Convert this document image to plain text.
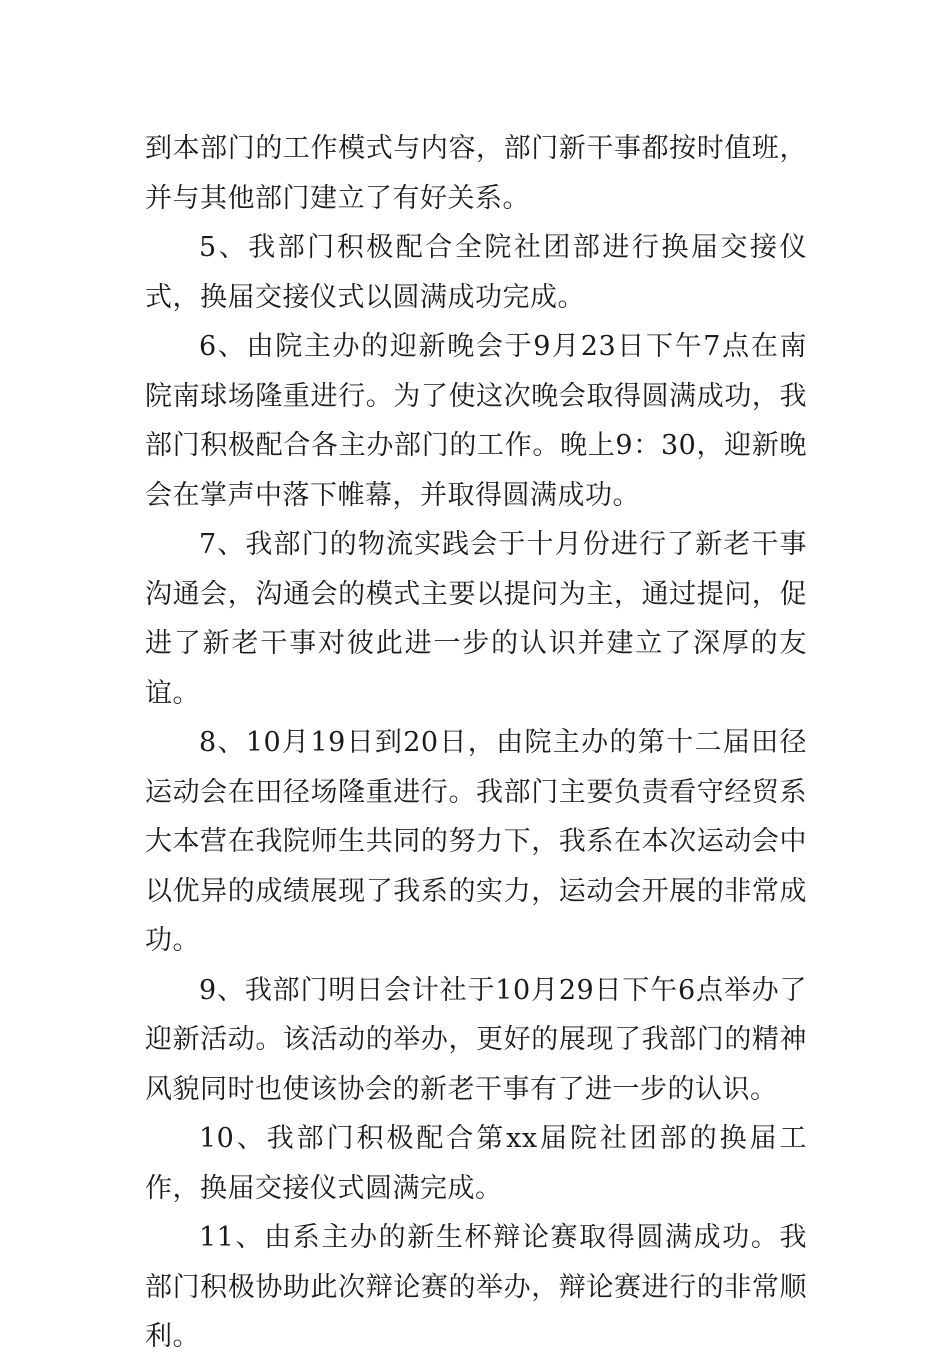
到本部门的工作模式与内容，部门新干事都按时值班，并与其他部门建立了有好关系。

5、我部门积极配合全院社团部进行换届交接仪式，换届交接仪式以圆满成功完成。

6、由院主办的迎新晚会于9月23日下午7点在南院南球场隆重进行。为了使这次晚会取得圆满成功，我部门积极配合各主办部门的工作。晚上9：30，迎新晚会在掌声中落下帷幕，并取得圆满成功。

7、我部门的物流实践会于十月份进行了新老干事沟通会，沟通会的模式主要以提问为主，通过提问，促进了新老干事对彼此进一步的认识并建立了深厚的友谊。

8、10月19日到20日，由院主办的第十二届田径运动会在田径场隆重进行。我部门主要负责看守经贸系大本营在我院师生共同的努力下，我系在本次运动会中以优异的成绩展现了我系的实力，运动会开展的非常成功。

9、我部门明日会计社于10月29日下午6点举办了迎新活动。该活动的举办，更好的展现了我部门的精神风貌同时也使该协会的新老干事有了进一步的认识。

10、我部门积极配合第xx届院社团部的换届工作，换届交接仪式圆满完成。

11、由系主办的新生杯辩论赛取得圆满成功。我部门积极协助此次辩论赛的举办，辩论赛进行的非常顺利。
